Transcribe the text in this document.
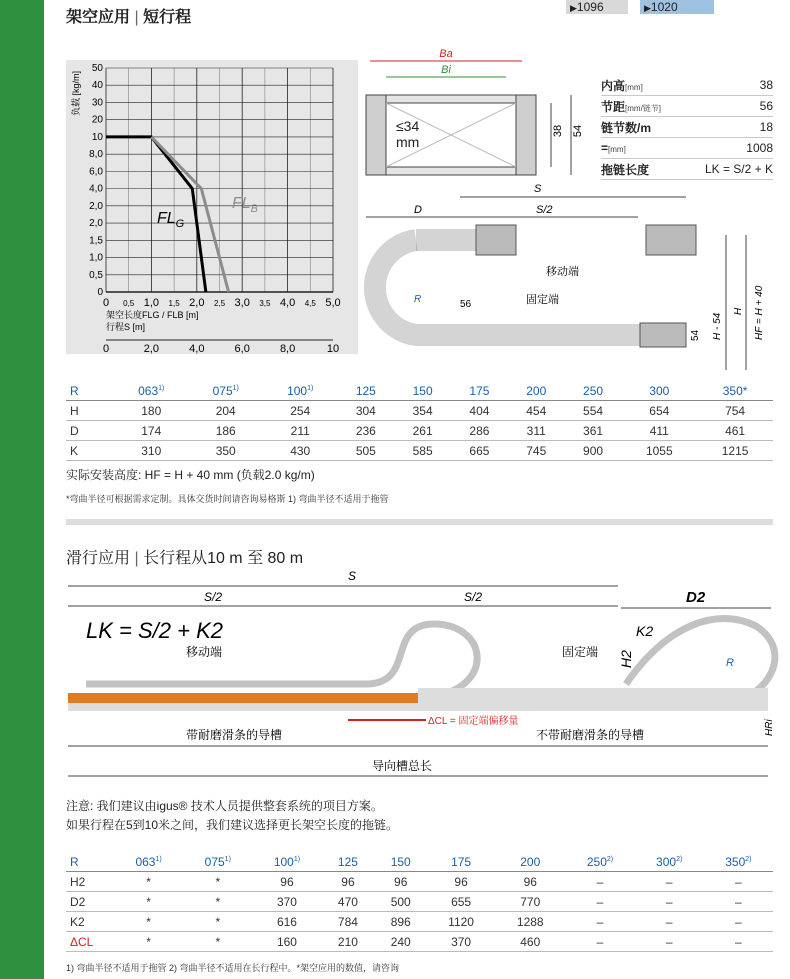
架空应用 | 短行程
▶1096	▶1020
负载 [kg/m]
50
40
30
20
10
8,0
6,0
4,0
2,0
2,0
1,5
1,0
0,5
0
0 0,5 1,0 1,5 2,0 2,5 3,0 3,5 4,0 4,5 5,0
0	2,0	4,0	6,0	8,0	10
架空长度FLG / FLB [m]
行程S [m]
$FL_G$
$FL_B$
Ba
Bi
≤34
mm
38 54
S
D	S/2
移动端
固定端
R	56
54 H - 54
H HF = H + 40
内高[mm]	38
节距[mm/链节]	56
链节数/m	18
=[mm]	1008
拖链长度	LK = S/2 + K
R	063$^{1)}$	075$^{1)}$	100$^{1)}$	125	150	175	200	250	300	350*
H	180	204	254	304	354	404	454	554	654	754
D	174	186	211	236	261	286	311	361	411	461
K	310	350	430	505	585	665	745	900	1055	1215
实际安装高度: HF = H + 40 mm (负载2.0 kg/m)
*弯曲半径可根据需求定制。具体交货时间请咨询易格斯 1) 弯曲半径不适用于拖管
滑行应用 | 长行程从10 m 至 80 m
S
S/2	S/2	D2
LK = S/2 + K2
移动端	固定端
K2
H2	R
ΔCL = 固定端偏移量
带耐磨滑条的导槽	不带耐磨滑条的导槽
导向槽总长
HRi
注意: 我们建议由igus® 技术人员提供整套系统的项目方案。
如果行程在5到10米之间，我们建议选择更长架空长度的拖链。
R	063$^{1)}$	075$^{1)}$	100$^{1)}$	125	150	175	200	250$^{2)}$	300$^{2)}$	350$^{2)}$
H2	*	*	96	96	96	96	96	–	–	–
D2	*	*	370	470	500	655	770	–	–	–
K2	*	*	616	784	896	1120	1288	–	–	–
ΔCL	*	*	160	210	240	370	460	–	–	–
1) 弯曲半径不适用于拖管 2) 弯曲半径不适用在长行程中。*架空应用的数值，请咨询
